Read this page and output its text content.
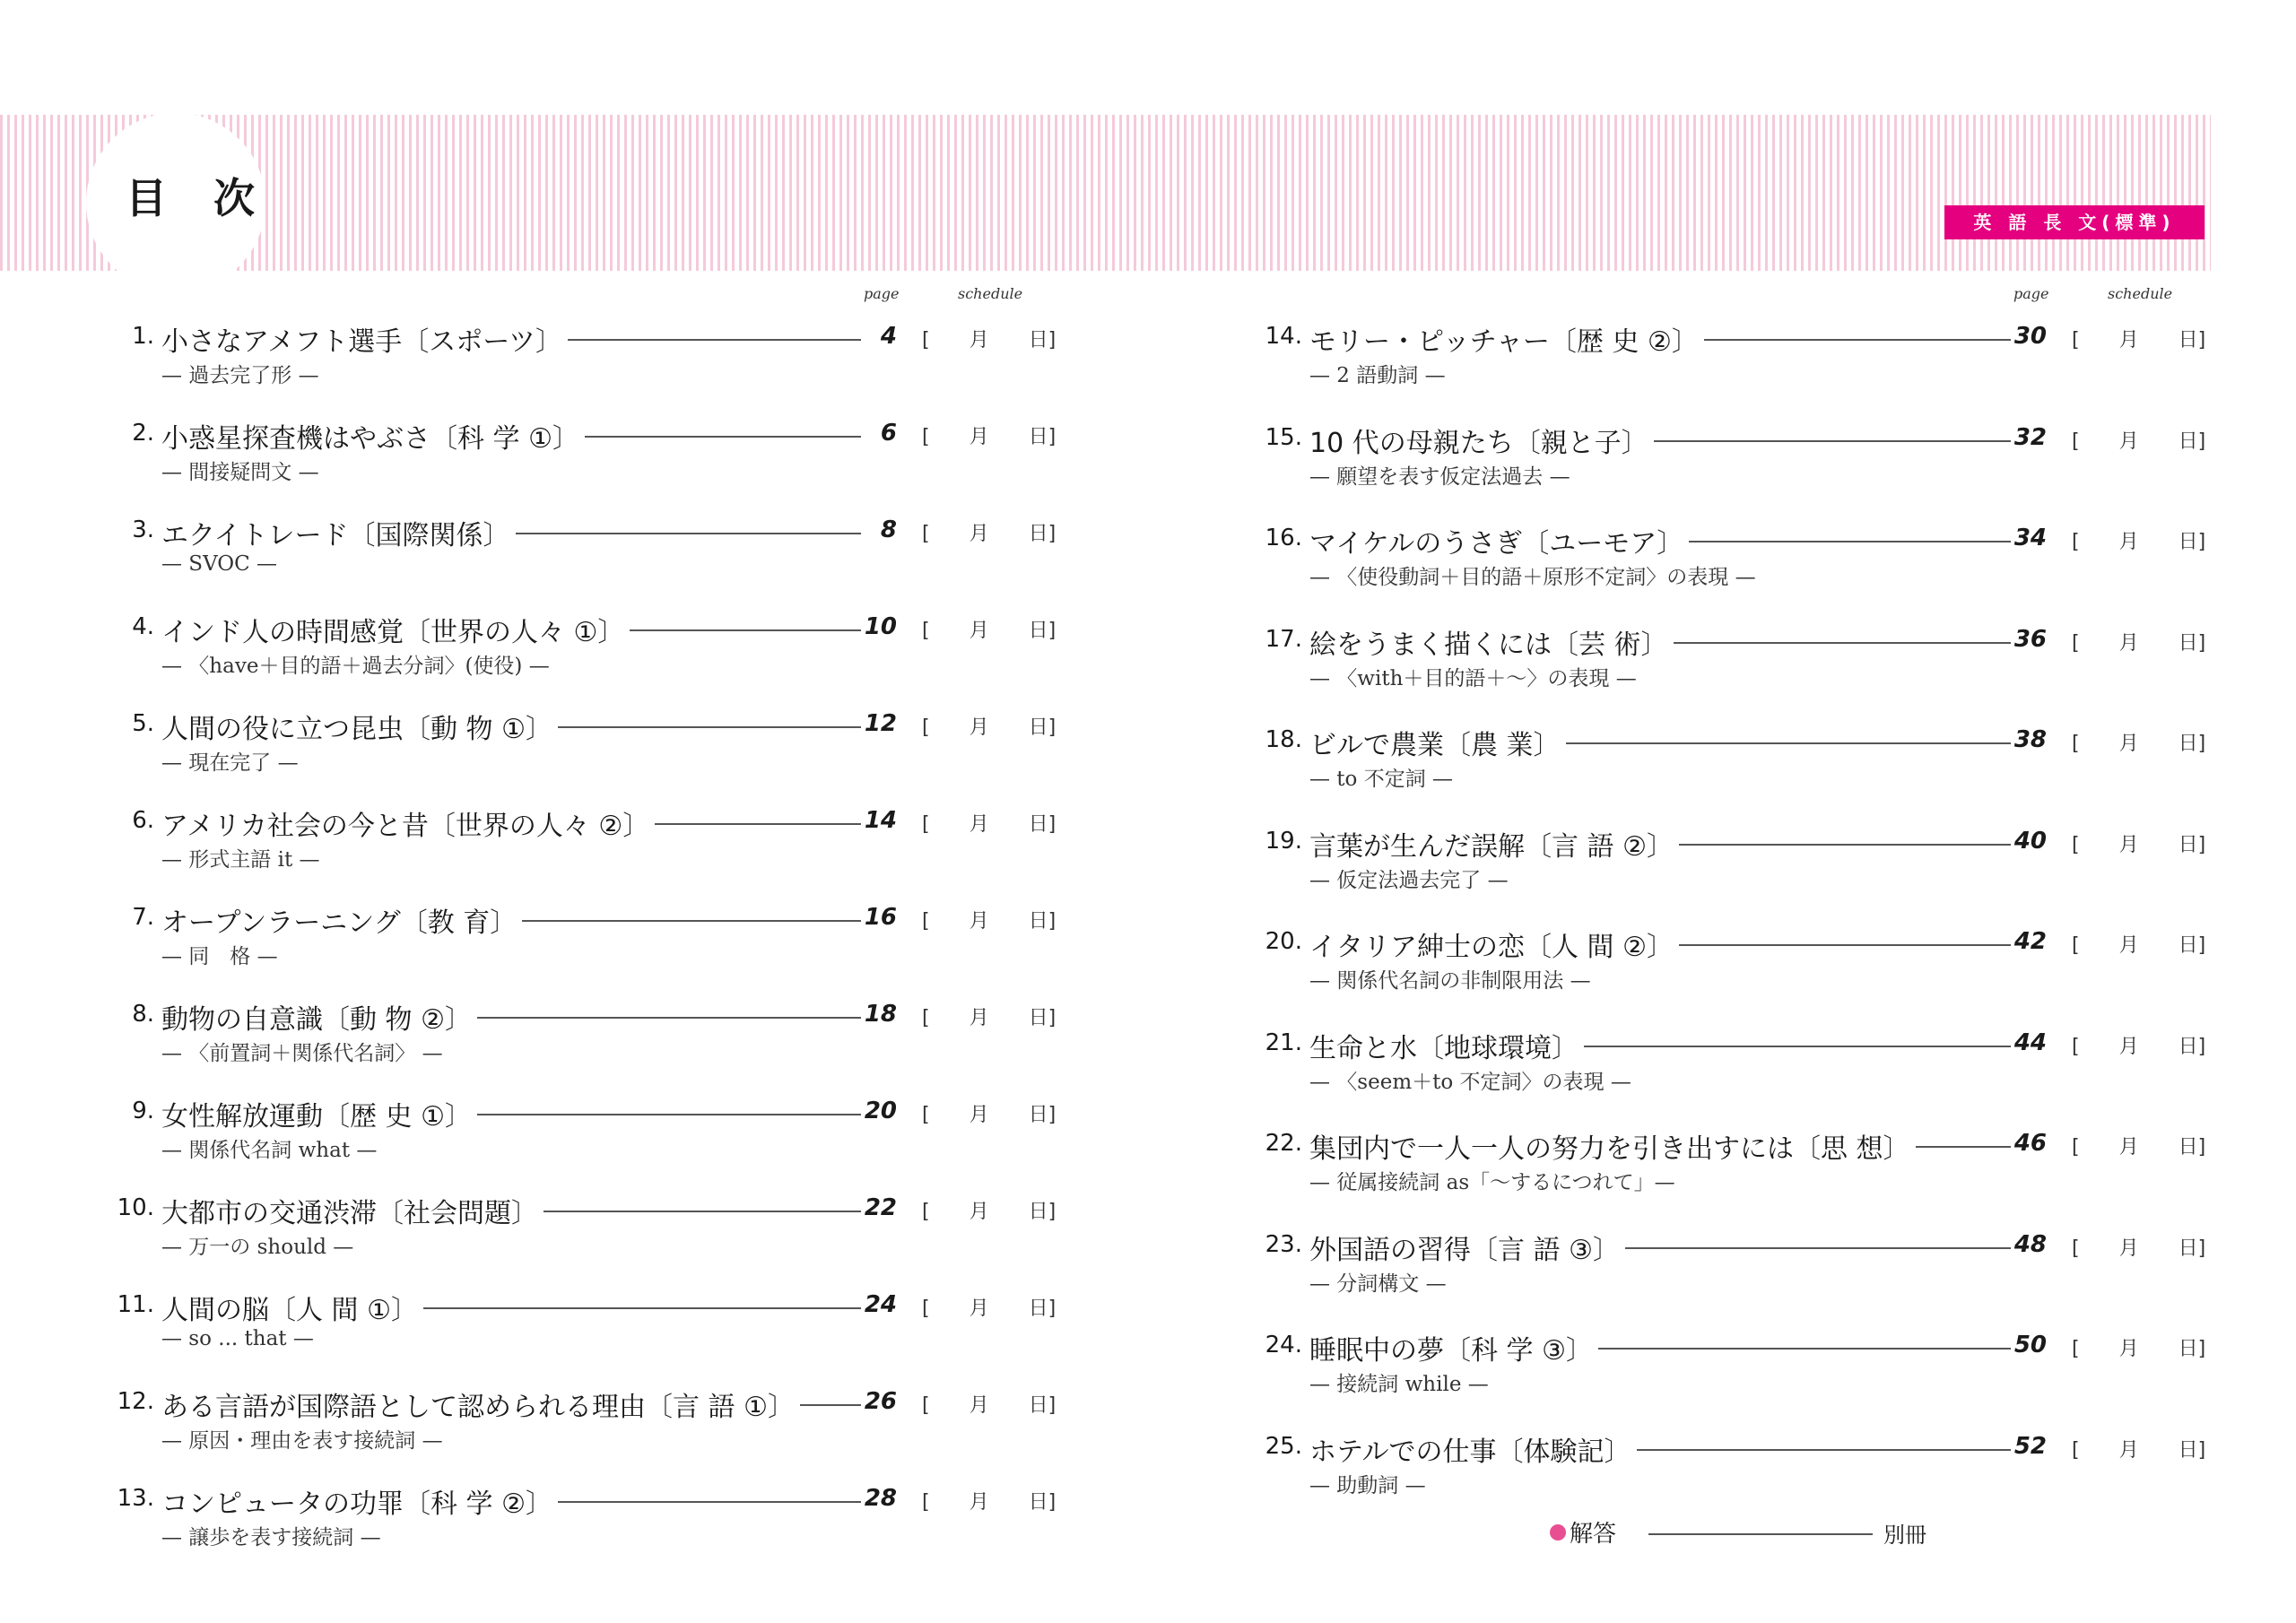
目 次	英 語 長 文(標準)
page	schedule	page	schedule
1. 小さなアメフト選手〔スポーツ〕	4 [　　月　　日]
— 過去完了形 —
2. 小惑星探査機はやぶさ〔科 学 ①〕	6 [　　月　　日]
— 間接疑問文 —
3. エクイトレード〔国際関係〕	8 [　　月　　日]
— SVOC —
4. インド人の時間感覚〔世界の人々 ①〕	10 [　　月　　日]
— 〈have＋目的語＋過去分詞〉(使役) —
5. 人間の役に立つ昆虫〔動 物 ①〕	12 [　　月　　日]
— 現在完了 —
6. アメリカ社会の今と昔〔世界の人々 ②〕	14 [　　月　　日]
— 形式主語 it —
7. オープンラーニング〔教 育〕	16 [　　月　　日]
— 同　格 —
8. 動物の自意識〔動 物 ②〕	18 [　　月　　日]
— 〈前置詞＋関係代名詞〉 —
9. 女性解放運動〔歴 史 ①〕	20 [　　月　　日]
— 関係代名詞 what —
10. 大都市の交通渋滞〔社会問題〕	22 [　　月　　日]
— 万一の should —
11. 人間の脳〔人 間 ①〕	24 [　　月　　日]
— so ... that —
12. ある言語が国際語として認められる理由〔言 語 ①〕	26 [　　月　　日]
— 原因・理由を表す接続詞 —
13. コンピュータの功罪〔科 学 ②〕	28 [　　月　　日]
— 譲歩を表す接続詞 —
14. モリー・ピッチャー〔歴 史 ②〕	30 [　　月　　日]
— 2 語動詞 —
15. 10 代の母親たち〔親と子〕	32 [　　月　　日]
— 願望を表す仮定法過去 —
16. マイケルのうさぎ〔ユーモア〕	34 [　　月　　日]
— 〈使役動詞＋目的語＋原形不定詞〉の表現 —
17. 絵をうまく描くには〔芸 術〕	36 [　　月　　日]
— 〈with＋目的語＋〜〉の表現 —
18. ビルで農業〔農 業〕	38 [　　月　　日]
— to 不定詞 —
19. 言葉が生んだ誤解〔言 語 ②〕	40 [　　月　　日]
— 仮定法過去完了 —
20. イタリア紳士の恋〔人 間 ②〕	42 [　　月　　日]
— 関係代名詞の非制限用法 —
21. 生命と水〔地球環境〕	44 [　　月　　日]
— 〈seem＋to 不定詞〉の表現 —
22. 集団内で一人一人の努力を引き出すには〔思 想〕	46 [　　月　　日]
— 従属接続詞 as「〜するにつれて」—
23. 外国語の習得〔言 語 ③〕	48 [　　月　　日]
— 分詞構文 —
24. 睡眠中の夢〔科 学 ③〕	50 [　　月　　日]
— 接続詞 while —
25. ホテルでの仕事〔体験記〕	52 [　　月　　日]
— 助動詞 —
解答	別冊
